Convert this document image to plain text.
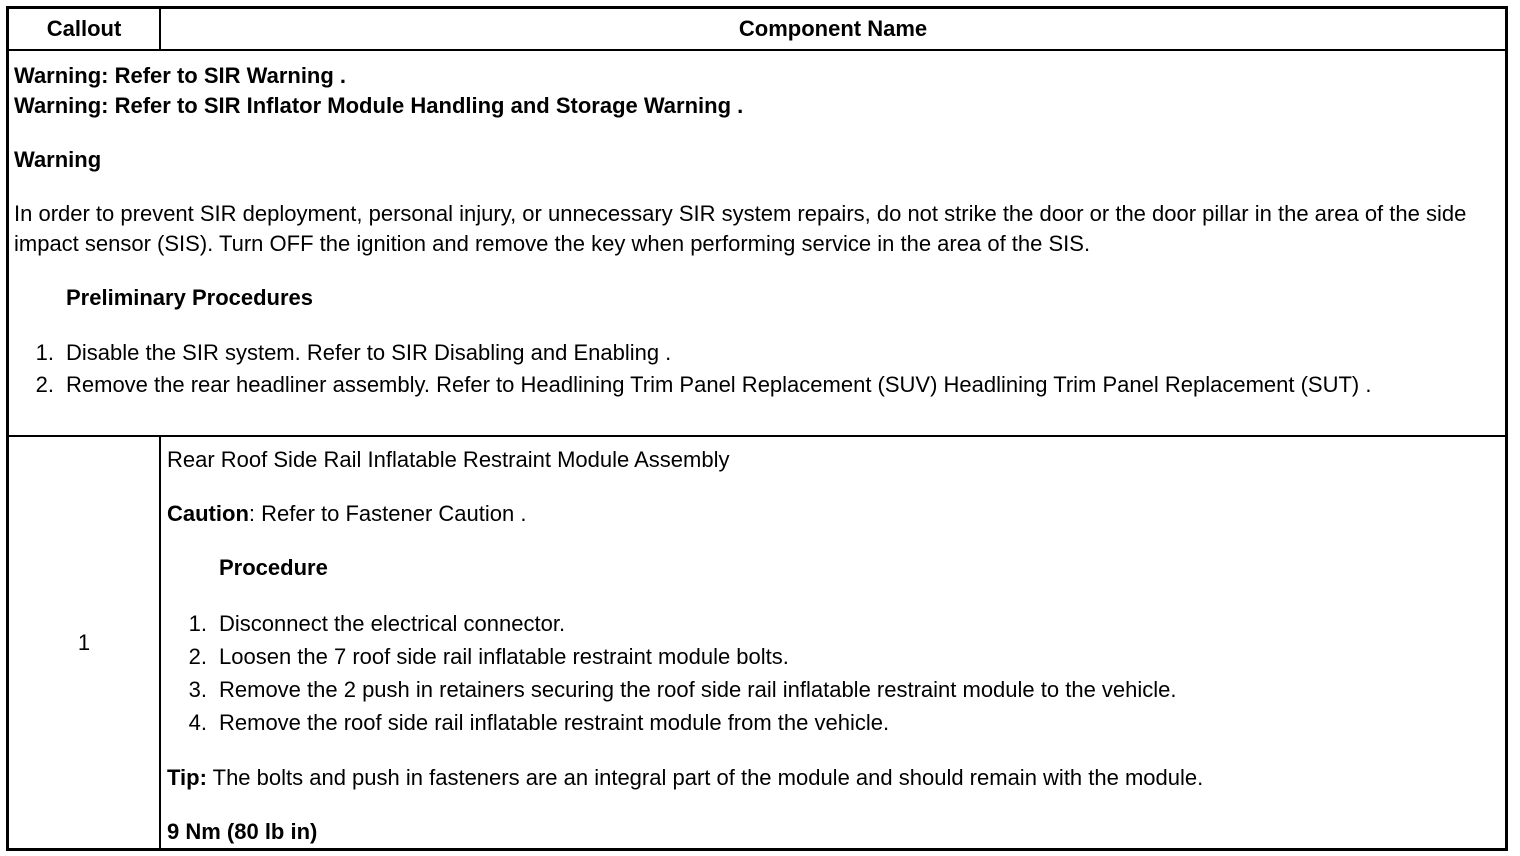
Callout	Component Name

Warning: Refer to SIR Warning .

Warning: Refer to SIR Inflator Module Handling and Storage Warning .

Warning

In order to prevent SIR deployment, personal injury, or unnecessary SIR system repairs, do not strike the door or the door pillar in the area of the side impact sensor (SIS). Turn OFF the ignition and remove the key when performing service in the area of the SIS.

Preliminary Procedures

1. Disable the SIR system. Refer to SIR Disabling and Enabling .
2. Remove the rear headliner assembly. Refer to Headlining Trim Panel Replacement (SUV) Headlining Trim Panel Replacement (SUT) .
1

Rear Roof Side Rail Inflatable Restraint Module Assembly

Caution: Refer to Fastener Caution .

Procedure

1. Disconnect the electrical connector.
2. Loosen the 7 roof side rail inflatable restraint module bolts.
3. Remove the 2 push in retainers securing the roof side rail inflatable restraint module to the vehicle.
4. Remove the roof side rail inflatable restraint module from the vehicle.

Tip: The bolts and push in fasteners are an integral part of the module and should remain with the module.

9 Nm (80 lb in)
